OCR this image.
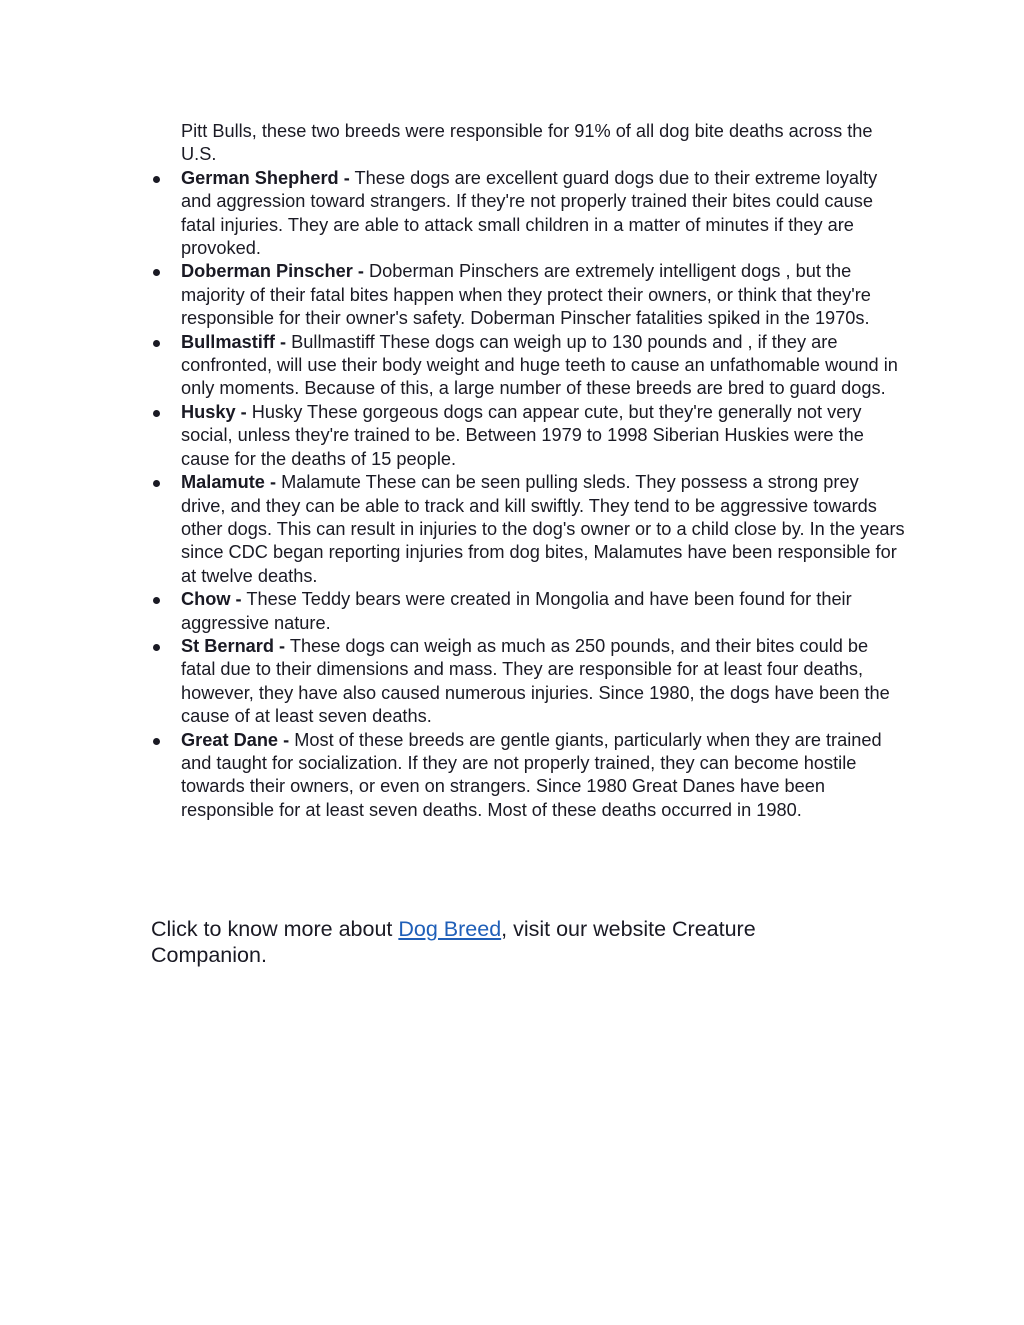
Pitt Bulls, these two breeds were responsible for 91% of all dog bite deaths across the U.S.

German Shepherd - These dogs are excellent guard dogs due to their extreme loyalty and aggression toward strangers. If they're not properly trained their bites could cause fatal injuries. They are able to attack small children in a matter of minutes if they are provoked.
Doberman Pinscher - Doberman Pinschers are extremely intelligent dogs , but the majority of their fatal bites happen when they protect their owners, or think that they're responsible for their owner's safety. Doberman Pinscher fatalities spiked in the 1970s.
Bullmastiff - Bullmastiff These dogs can weigh up to 130 pounds and , if they are confronted, will use their body weight and huge teeth to cause an unfathomable wound in only moments. Because of this, a large number of these breeds are bred to guard dogs.
Husky - Husky These gorgeous dogs can appear cute, but they're generally not very social, unless they're trained to be. Between 1979 to 1998 Siberian Huskies were the cause for the deaths of 15 people.
Malamute - Malamute These can be seen pulling sleds. They possess a strong prey drive, and they can be able to track and kill swiftly. They tend to be aggressive towards other dogs. This can result in injuries to the dog's owner or to a child close by. In the years since CDC began reporting injuries from dog bites, Malamutes have been responsible for at twelve deaths.
Chow - These Teddy bears were created in Mongolia and have been found for their aggressive nature.
St Bernard - These dogs can weigh as much as 250 pounds, and their bites could be fatal due to their dimensions and mass. They are responsible for at least four deaths, however, they have also caused numerous injuries. Since 1980, the dogs have been the cause of at least seven deaths.
Great Dane - Most of these breeds are gentle giants, particularly when they are trained and taught for socialization. If they are not properly trained, they can become hostile towards their owners, or even on strangers. Since 1980 Great Danes have been responsible for at least seven deaths. Most of these deaths occurred in 1980.

Click to know more about Dog Breed, visit our website Creature Companion.
